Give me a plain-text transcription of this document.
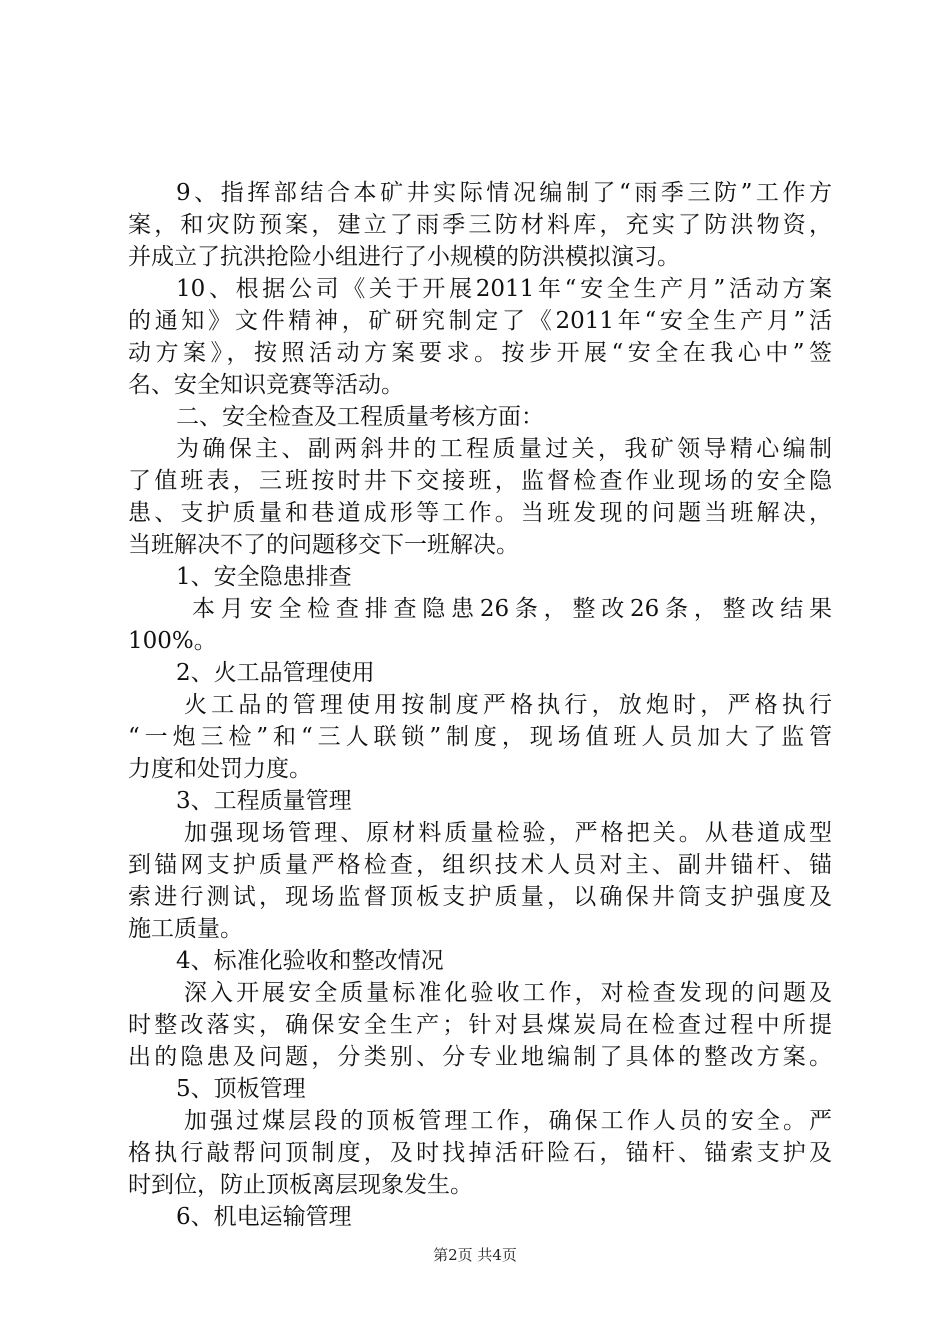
9、指挥部结合本矿井实际情况编制了“雨季三防”工作方
案，和灾防预案，建立了雨季三防材料库，充实了防洪物资，
并成立了抗洪抢险小组进行了小规模的防洪模拟演习。
10、根据公司《关于开展2011年“安全生产月”活动方案
的通知》文件精神，矿研究制定了《2011年“安全生产月”活
动方案》，按照活动方案要求。按步开展“安全在我心中”签
名、安全知识竞赛等活动。
二、安全检查及工程质量考核方面：
为确保主、副两斜井的工程质量过关，我矿领导精心编制
了值班表，三班按时井下交接班，监督检查作业现场的安全隐
患、支护质量和巷道成形等工作。当班发现的问题当班解决，
当班解决不了的问题移交下一班解决。
1、安全隐患排查
本月安全检查排查隐患26条，整改26条，整改结果
100%。
2、火工品管理使用
火工品的管理使用按制度严格执行，放炮时，严格执行
“一炮三检”和“三人联锁”制度，现场值班人员加大了监管
力度和处罚力度。
3、工程质量管理
加强现场管理、原材料质量检验，严格把关。从巷道成型
到锚网支护质量严格检查，组织技术人员对主、副井锚杆、锚
索进行测试，现场监督顶板支护质量，以确保井筒支护强度及
施工质量。
4、标准化验收和整改情况
深入开展安全质量标准化验收工作，对检查发现的问题及
时整改落实，确保安全生产；针对县煤炭局在检查过程中所提
出的隐患及问题，分类别、分专业地编制了具体的整改方案。
5、顶板管理
加强过煤层段的顶板管理工作，确保工作人员的安全。严
格执行敲帮问顶制度，及时找掉活矸险石，锚杆、锚索支护及
时到位，防止顶板离层现象发生。
6、机电运输管理
第2页 共4页
